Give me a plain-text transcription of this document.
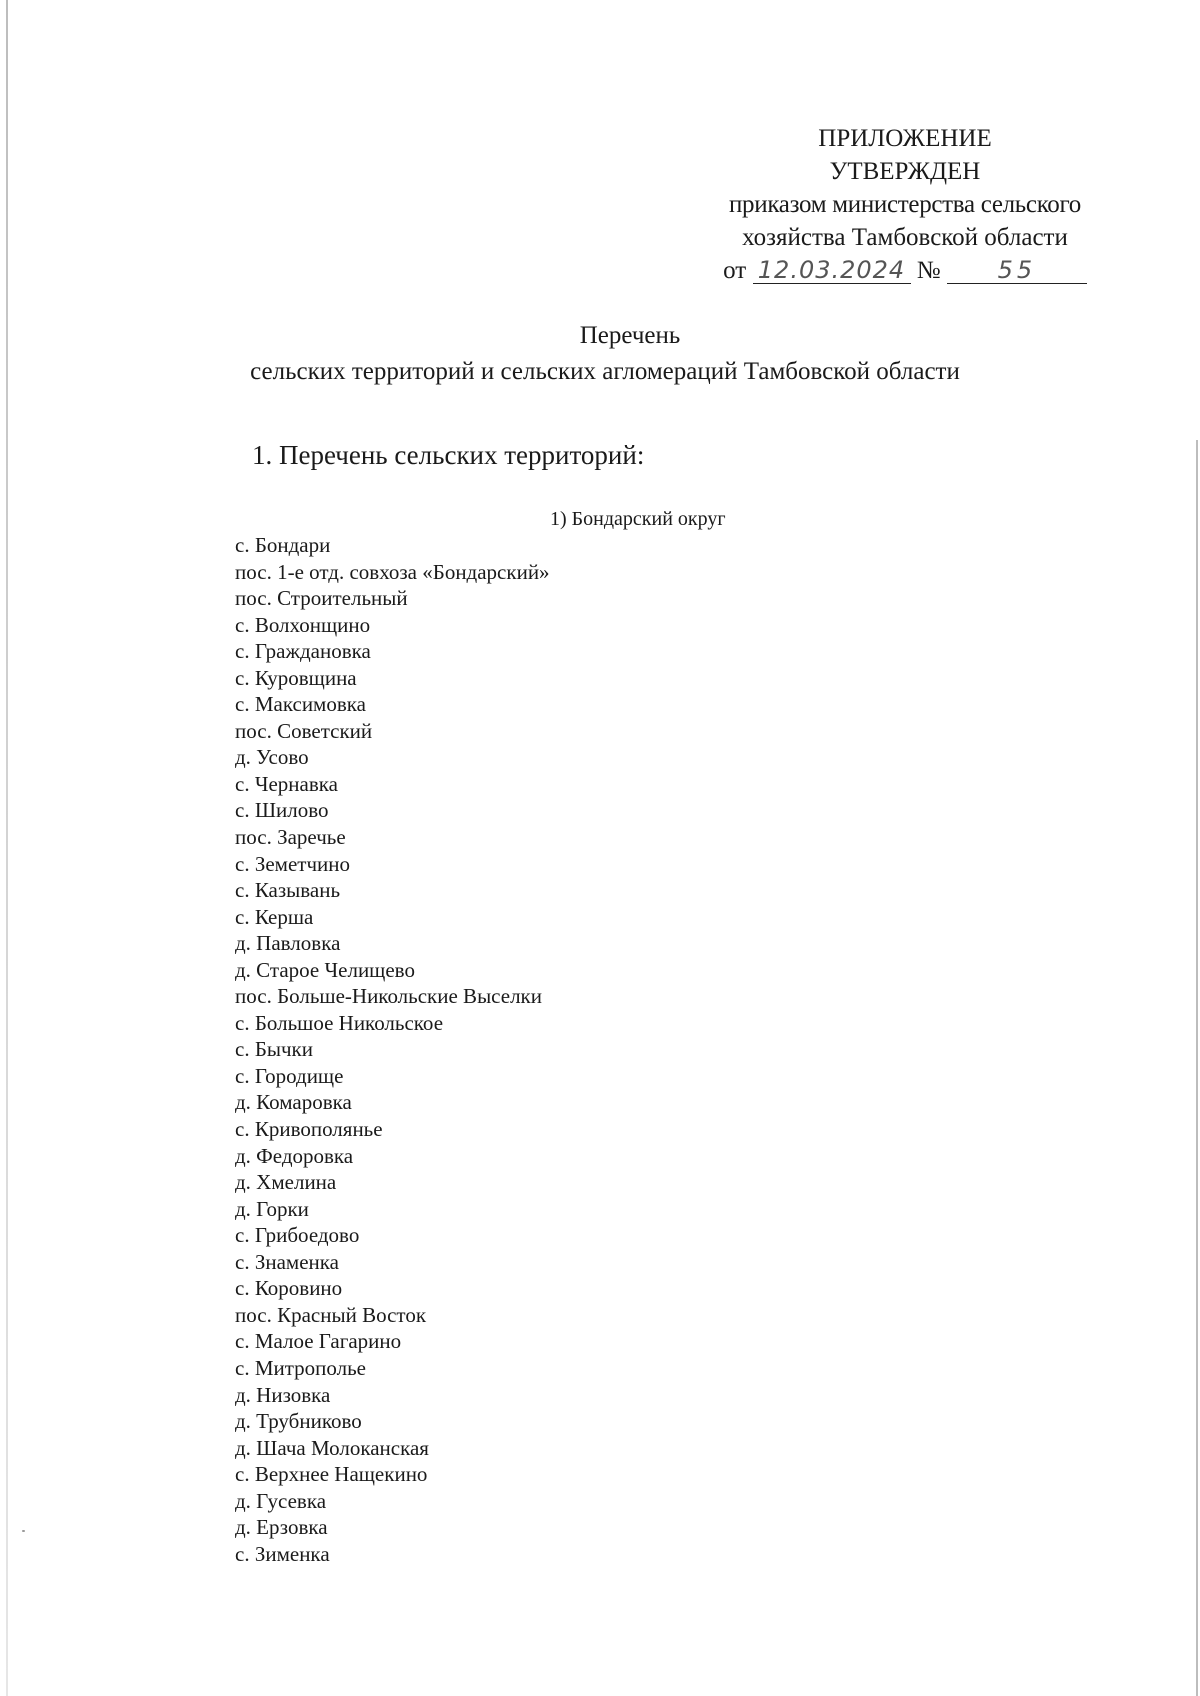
ПРИЛОЖЕНИЕ
УТВЕРЖДЕН
приказом министерства сельского
хозяйства Тамбовской области
от 12.03.2024 № 55
Перечень
сельских территорий и сельских агломераций Тамбовской области
1. Перечень сельских территорий:
1) Бондарский округ
с. Бондари
пос. 1-е отд. совхоза «Бондарский»
пос. Строительный
с. Волхонщино
с. Граждановка
с. Куровщина
с. Максимовка
пос. Советский
д. Усово
с. Чернавка
с. Шилово
пос. Заречье
с. Земетчино
с. Казывань
с. Керша
д. Павловка
д. Старое Челищево
пос. Больше-Никольские Выселки
с. Большое Никольское
с. Бычки
с. Городище
д. Комаровка
с. Кривополянье
д. Федоровка
д. Хмелина
д. Горки
с. Грибоедово
с. Знаменка
с. Коровино
пос. Красный Восток
с. Малое Гагарино
с. Митрополье
д. Низовка
д. Трубниково
д. Шача Молоканская
с. Верхнее Нащекино
д. Гусевка
д. Ерзовка
с. Зименка
